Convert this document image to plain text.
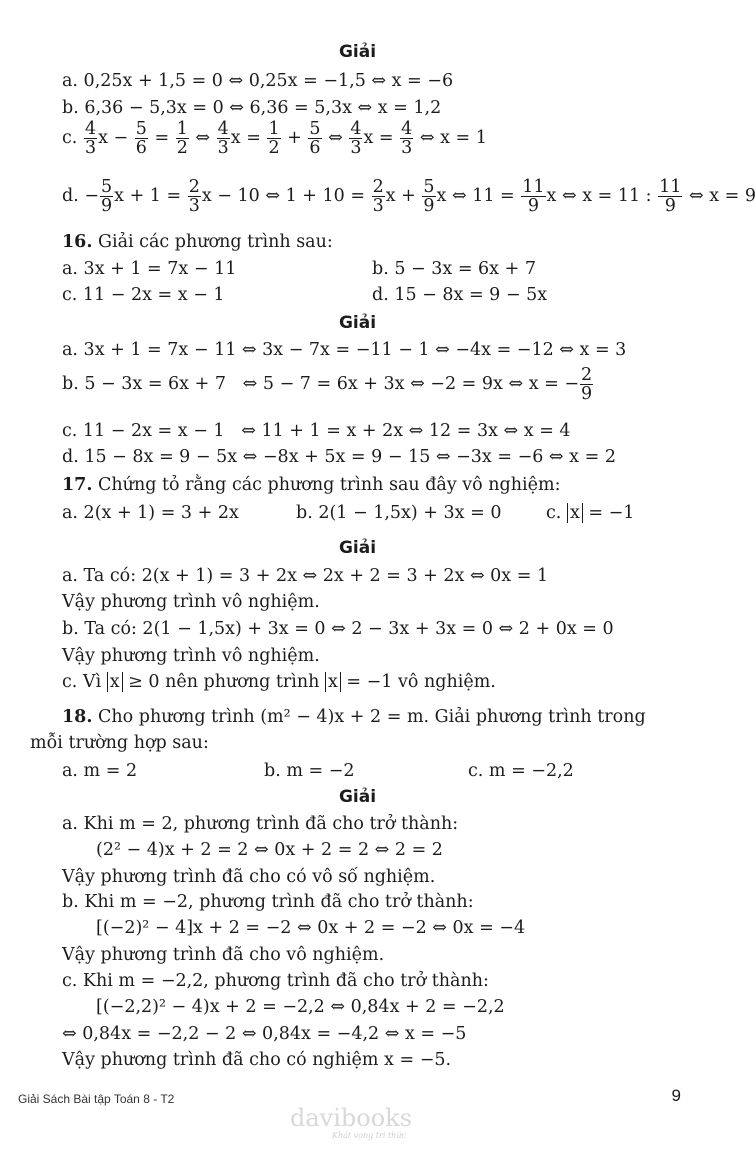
Giải
a. 0,25x + 1,5 = 0 ⇔ 0,25x = −1,5 ⇔ x = −6
b. 6,36 − 5,3x = 0 ⇔ 6,36 = 5,3x ⇔ x = 1,2
c. $\frac{4}{3}$ $x - \frac{5}{6} = \frac{1}{2}$ ⇔ $\frac{4}{3}$ $x = \frac{1}{2} + \frac{5}{6}$ ⇔ $\frac{4}{3}$ $x = \frac{4}{3}$ ⇔ x = 1
d. − $\frac{5}{9}$ $x + 1 = \frac{2}{3}$ x − 10 ⇔ $1 + 10 = \frac{2}{3}$ $x + \frac{5}{9}$ x ⇔ $11 = \frac{11}{9}$ x ⇔ x = 11 : $\frac{11}{9}$ ⇔ x = 9
16. Giải các phương trình sau:
a. 3x + 1 = 7x − 11	b. 5 − 3x = 6x + 7
c. 11 − 2x = x − 1	d. 15 − 8x = 9 − 5x
Giải
a. 3x + 1 = 7x − 11 ⇔ 3x − 7x = −11 − 1 ⇔ −4x = −12 ⇔ x = 3
b. 5 − 3x = 6x + 7   ⇔ 5 − 7 = 6x + 3x ⇔ −2 = 9x ⇔ x = − $\frac{2}{9}$
c. 11 − 2x = x − 1   ⇔ 11 + 1 = x + 2x ⇔ 12 = 3x ⇔ x = 4
d. 15 − 8x = 9 − 5x ⇔ −8x + 5x = 9 − 15 ⇔ −3x = −6 ⇔ x = 2
17. Chứng tỏ rằng các phương trình sau đây vô nghiệm:
a. 2(x + 1) = 3 + 2x	b. 2(1 − 1,5x) + 3x = 0	c. x = −1
Giải
a. Ta có: 2(x + 1) = 3 + 2x ⇔ 2x + 2 = 3 + 2x ⇔ 0x = 1
Vậy phương trình vô nghiệm.
b. Ta có: 2(1 − 1,5x) + 3x = 0 ⇔ 2 − 3x + 3x = 0 ⇔ 2 + 0x = 0
Vậy phương trình vô nghiệm.
c. Vì x ≥ 0 nên phương trình x = −1 vô nghiệm.
18. Cho phương trình (m² − 4)x + 2 = m. Giải phương trình trong
mỗi trường hợp sau:
a. m = 2	b. m = −2	c. m = −2,2
Giải
a. Khi m = 2, phương trình đã cho trở thành:
(2² − 4)x + 2 = 2 ⇔ 0x + 2 = 2 ⇔ 2 = 2
Vậy phương trình đã cho có vô số nghiệm.
b. Khi m = −2, phương trình đã cho trở thành:
[(−2)² − 4]x + 2 = −2 ⇔ 0x + 2 = −2 ⇔ 0x = −4
Vậy phương trình đã cho vô nghiệm.
c. Khi m = −2,2, phương trình đã cho trở thành:
[(−2,2)² − 4)x + 2 = −2,2 ⇔ 0,84x + 2 = −2,2
⇔ 0,84x = −2,2 − 2 ⇔ 0,84x = −4,2 ⇔ x = −5
Vậy phương trình đã cho có nghiệm x = −5.
Giải Sách Bài tập Toán 8 - T2	9
davibooks
Khát vọng tri thức
